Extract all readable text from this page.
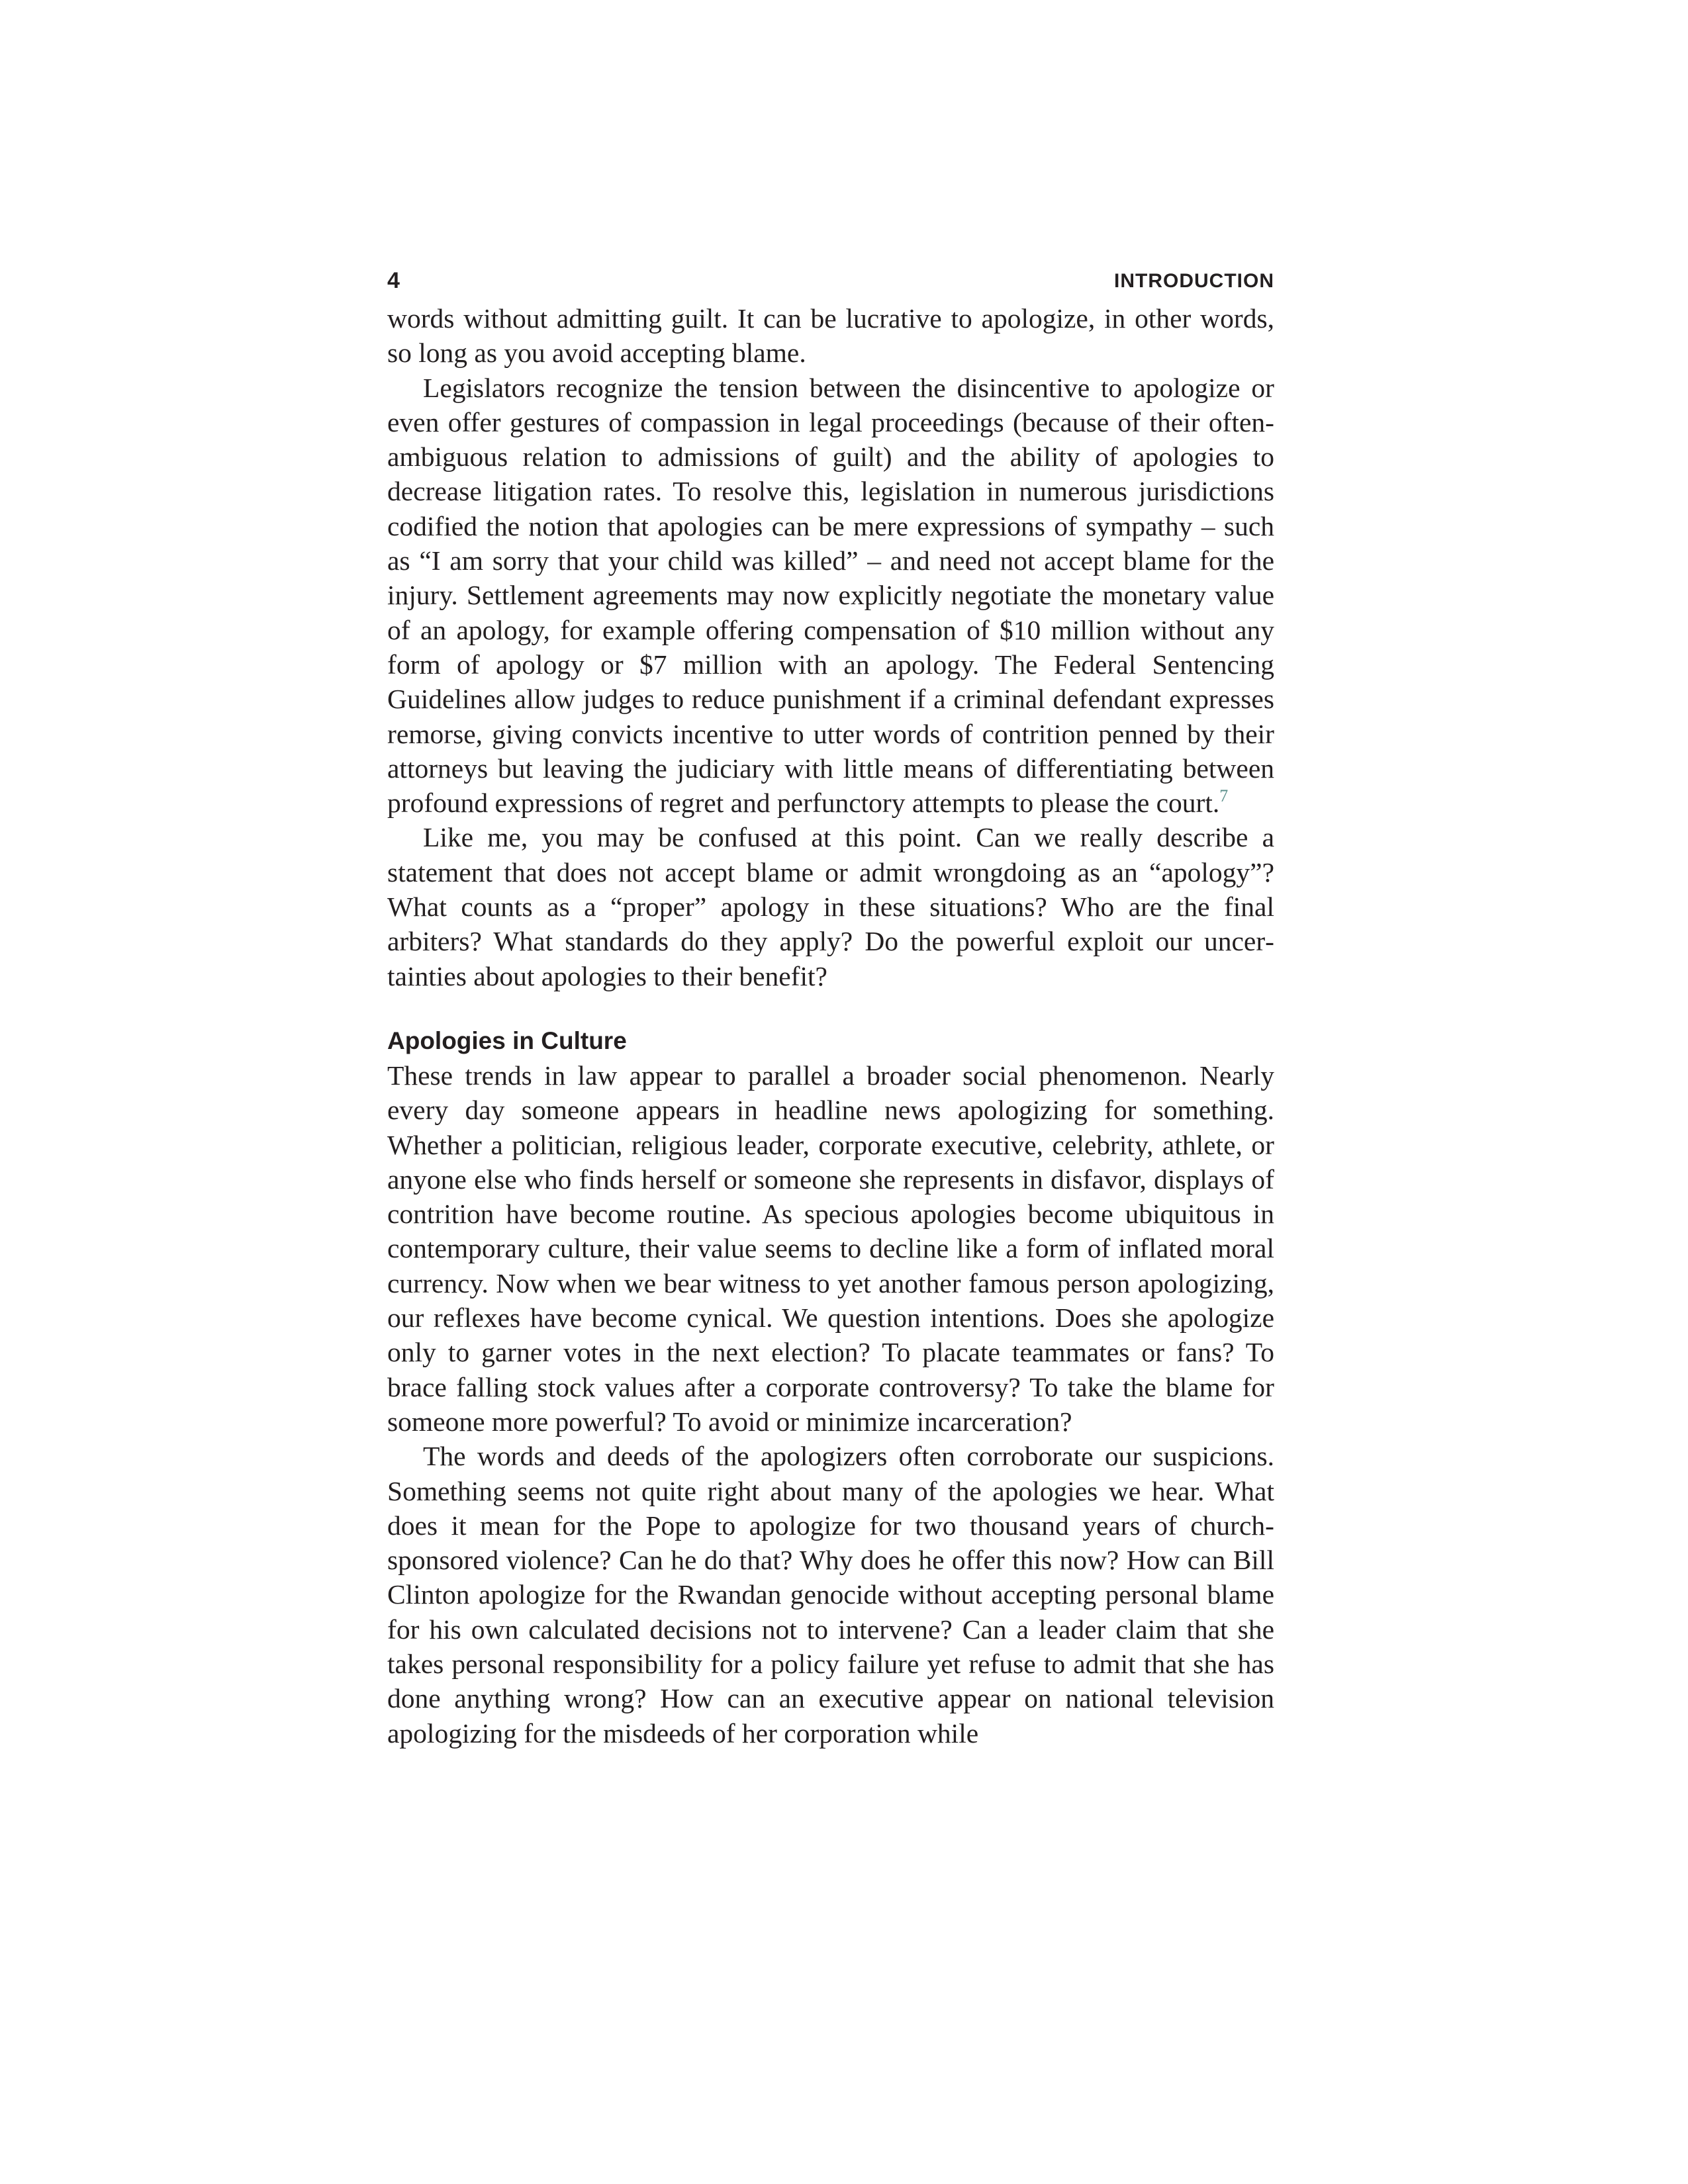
4	INTRODUCTION

words without admitting guilt. It can be lucrative to apologize, in other words, so long as you avoid accepting blame.

Legislators recognize the tension between the disincentive to apologize or even offer gestures of compassion in legal proceedings (because of their often-ambiguous relation to admissions of guilt) and the ability of apologies to decrease litigation rates. To resolve this, legislation in numerous jurisdictions codified the notion that apologies can be mere expressions of sympathy – such as “I am sorry that your child was killed” – and need not accept blame for the injury. Settlement agreements may now explicitly negotiate the monetary value of an apology, for example offering compensation of $10 million without any form of apology or $7 million with an apology. The Federal Sentencing Guidelines allow judges to reduce punishment if a criminal defendant expresses remorse, giving convicts incentive to utter words of contrition penned by their attorneys but leaving the judiciary with little means of differentiating between profound expressions of regret and perfunctory attempts to please the court.$^7$

Like me, you may be confused at this point. Can we really describe a statement that does not accept blame or admit wrongdoing as an “apology”? What counts as a “proper” apology in these situations? Who are the final arbiters? What standards do they apply? Do the powerful exploit our uncertainties about apologies to their benefit?

Apologies in Culture

These trends in law appear to parallel a broader social phenomenon. Nearly every day someone appears in headline news apologizing for something. Whether a politician, religious leader, corporate executive, celebrity, athlete, or anyone else who finds herself or someone she represents in disfavor, displays of contrition have become routine. As specious apologies become ubiquitous in contemporary culture, their value seems to decline like a form of inflated moral currency. Now when we bear witness to yet another famous person apologizing, our reflexes have become cynical. We question intentions. Does she apologize only to garner votes in the next election? To placate teammates or fans? To brace falling stock values after a corporate controversy? To take the blame for someone more powerful? To avoid or minimize incarceration?

The words and deeds of the apologizers often corroborate our suspicions. Something seems not quite right about many of the apologies we hear. What does it mean for the Pope to apologize for two thousand years of church-sponsored violence? Can he do that? Why does he offer this now? How can Bill Clinton apologize for the Rwandan genocide without accepting personal blame for his own calculated decisions not to intervene? Can a leader claim that she takes personal responsibility for a policy failure yet refuse to admit that she has done anything wrong? How can an executive appear on national television apologizing for the misdeeds of her corporation while
